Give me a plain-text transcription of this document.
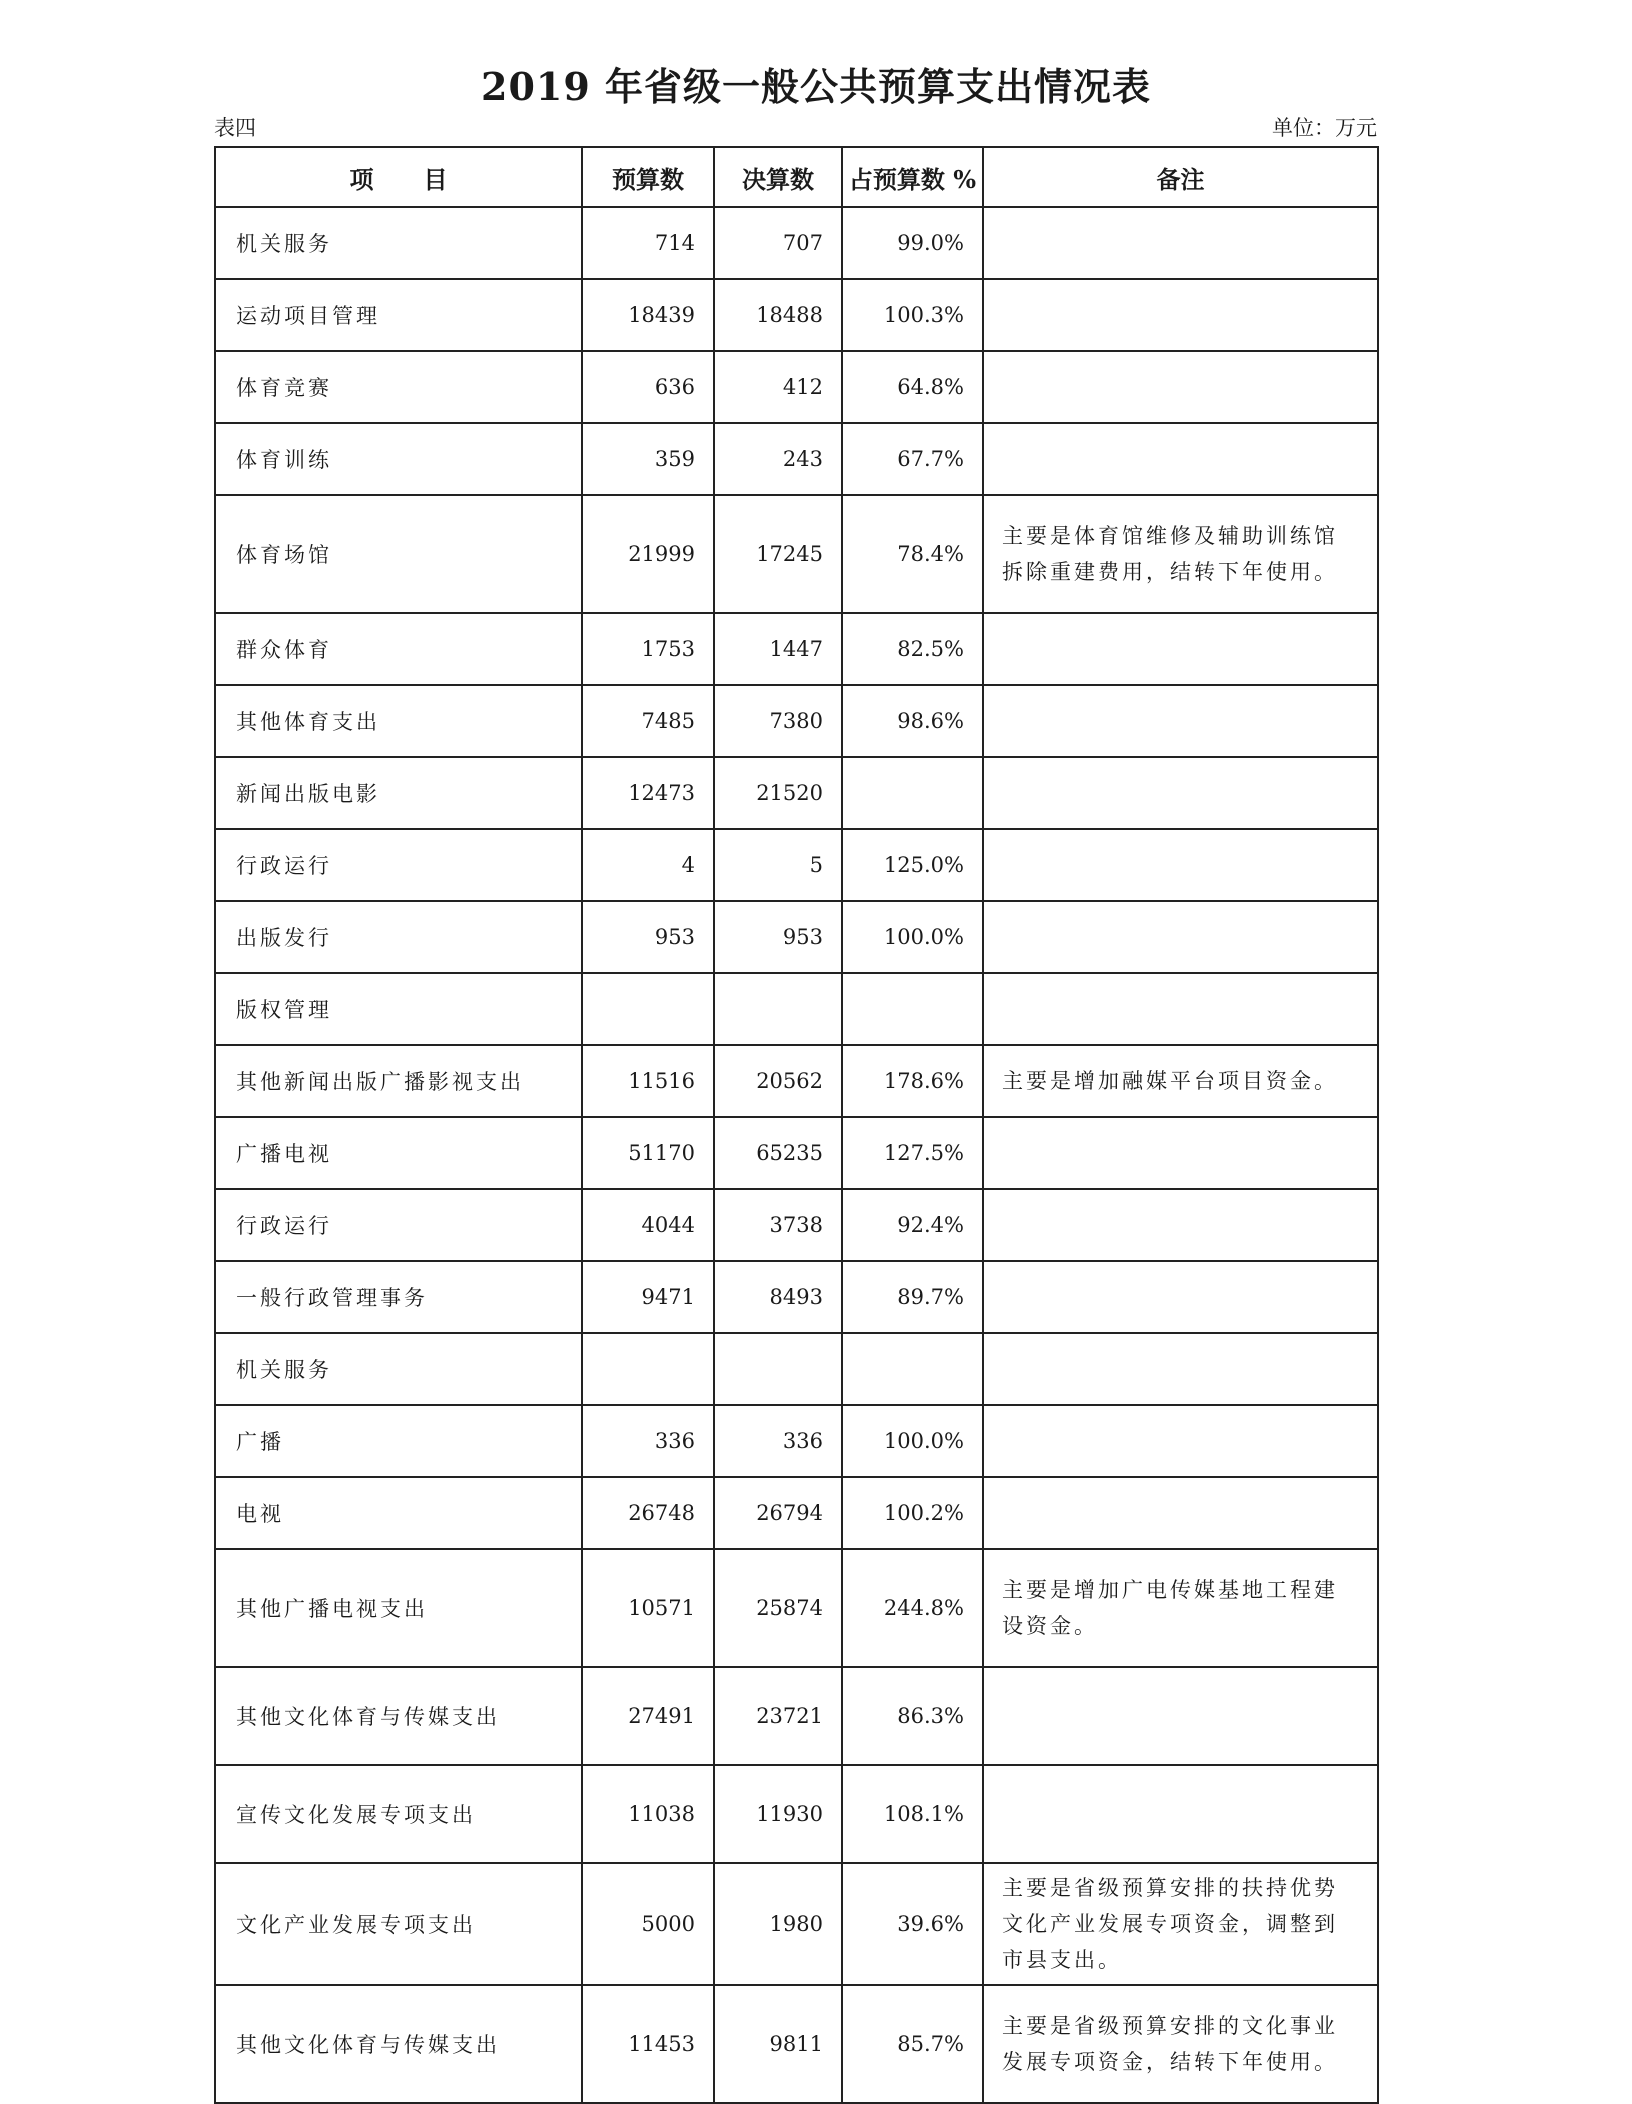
2019 年省级一般公共预算支出情况表
表四	单位：万元
项目	预算数	决算数	占预算数 %	备注
机关服务	714	707	99.0%	
运动项目管理	18439	18488	100.3%	
体育竞赛	636	412	64.8%	
体育训练	359	243	67.7%	
体育场馆	21999	17245	78.4%	主要是体育馆维修及辅助训练馆拆除重建费用，结转下年使用。
群众体育	1753	1447	82.5%	
其他体育支出	7485	7380	98.6%	
新闻出版电影	12473	21520		
行政运行	4	5	125.0%	
出版发行	953	953	100.0%	
版权管理				
其他新闻出版广播影视支出	11516	20562	178.6%	主要是增加融媒平台项目资金。
广播电视	51170	65235	127.5%	
行政运行	4044	3738	92.4%	
一般行政管理事务	9471	8493	89.7%	
机关服务				
广播	336	336	100.0%	
电视	26748	26794	100.2%	
其他广播电视支出	10571	25874	244.8%	主要是增加广电传媒基地工程建设资金。
其他文化体育与传媒支出	27491	23721	86.3%	
宣传文化发展专项支出	11038	11930	108.1%	
文化产业发展专项支出	5000	1980	39.6%	主要是省级预算安排的扶持优势文化产业发展专项资金，调整到市县支出。
其他文化体育与传媒支出	11453	9811	85.7%	主要是省级预算安排的文化事业发展专项资金，结转下年使用。
